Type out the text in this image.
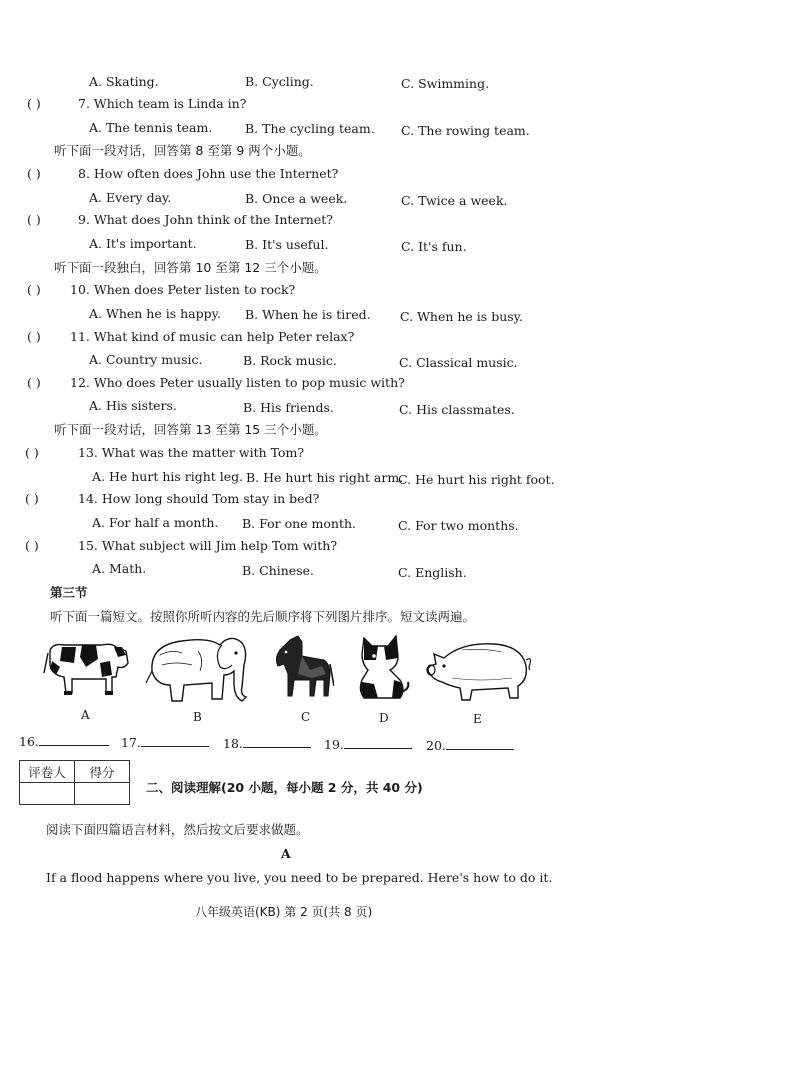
A. Skating.	B. Cycling.	C. Swimming.
( )	7. Which team is Linda in?
A. The tennis team.	B. The cycling team. C. The rowing team.
听下面一段对话，回答第 8 至第 9 两个小题。
( )	8. How often does John use the Internet?
A. Every day.	B. Once a week.	C. Twice a week.
( )	9. What does John think of the Internet?
A. It's important.	B. It's useful.	C. It's fun.
听下面一段独白，回答第 10 至第 12 三个小题。
( ) 10. When does Peter listen to rock?
A. When he is happy. B. When he is tired. C. When he is busy.
( ) 11. What kind of music can help Peter relax?
A. Country music.	B. Rock music.	C. Classical music.
( ) 12. Who does Peter usually listen to pop music with?
A. His sisters.	B. His friends.	C. His classmates.
听下面一段对话，回答第 13 至第 15 三个小题。
( )	13. What was the matter with Tom?
A. He hurt his right leg. B. He hurt his right arm.
C. He hurt his right foot.
( )	14. How long should Tom stay in bed?
A. For half a month. B. For one month.	C. For two months.
( )	15. What subject will Jim help Tom with?
A. Math.	B. Chinese.	C. English.
第三节
听下面一篇短文。按照你所听内容的先后顺序将下列图片排序。短文读两遍。
A	B	C	D	E
16.	17.	18.	19.	20.
评卷人	得分

二、阅读理解(20 小题，每小题 2 分，共 40 分)
阅读下面四篇语言材料，然后按文后要求做题。
A
If a flood happens where you live, you need to be prepared. Here's how to do it.
八年级英语(KB) 第 2 页(共 8 页)
